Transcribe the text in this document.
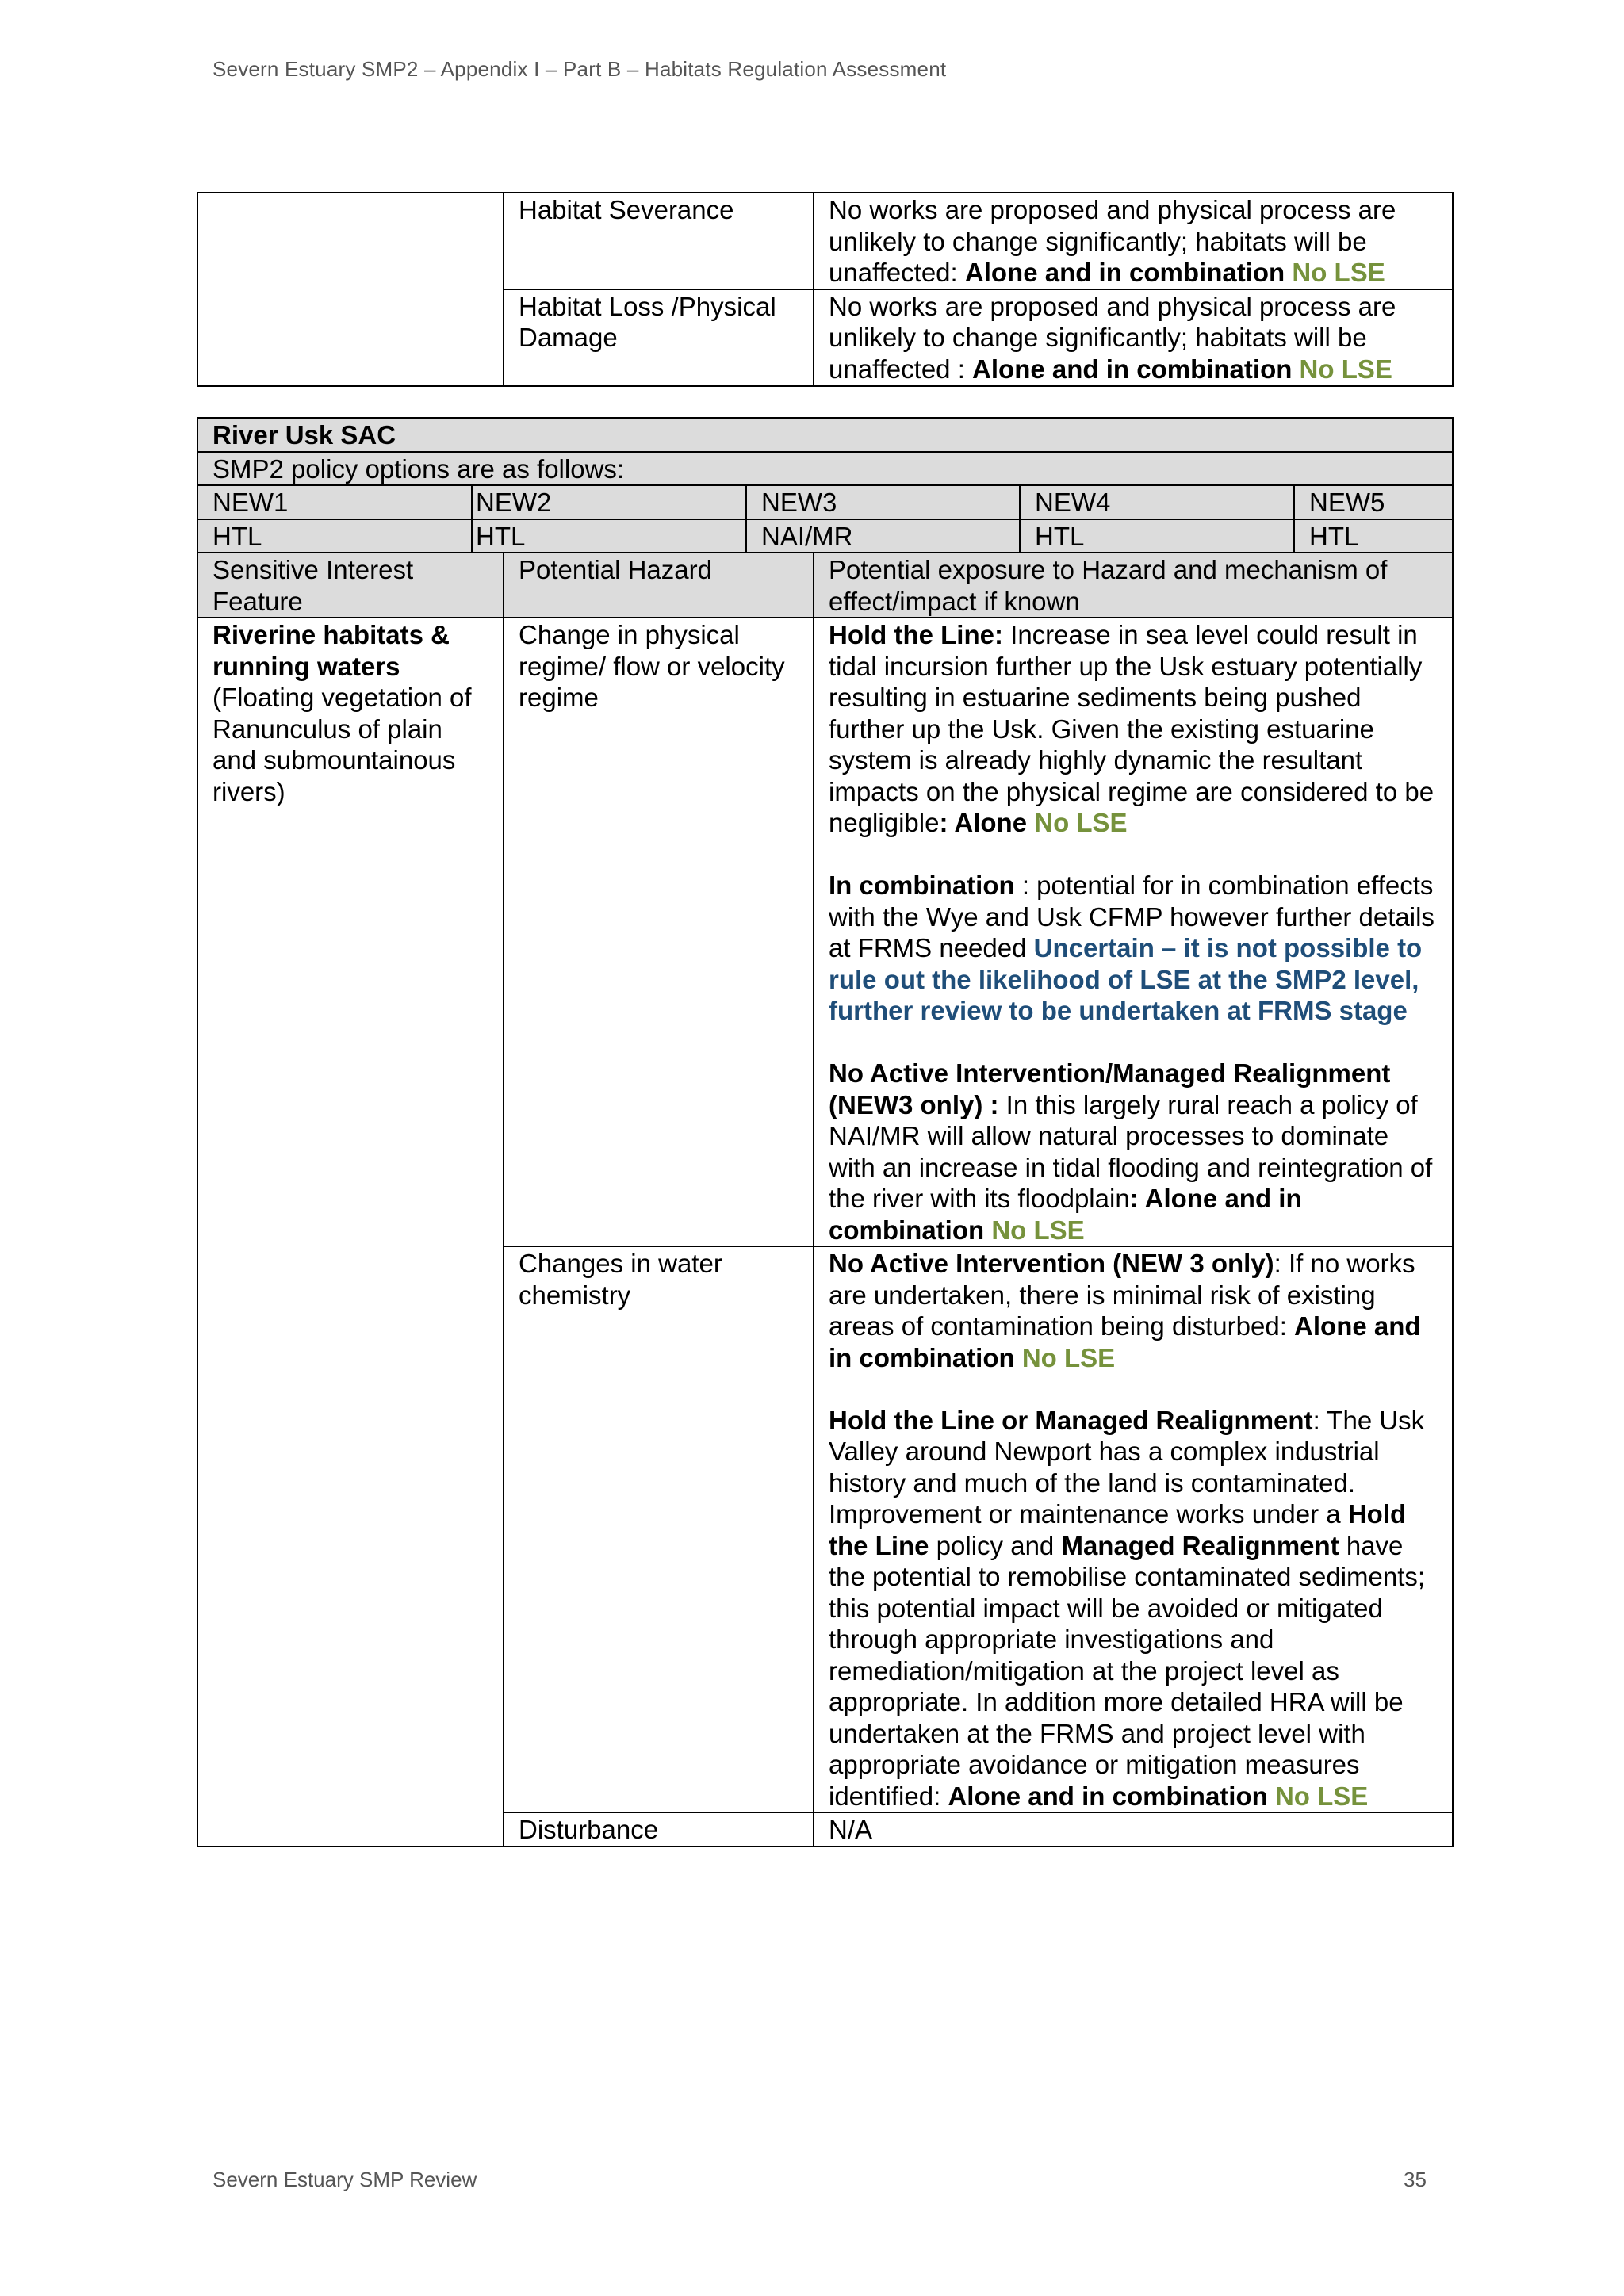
Severn Estuary SMP2 – Appendix I – Part B – Habitats Regulation Assessment
	Habitat Severance	No works are proposed and physical process are unlikely to change significantly; habitats will be unaffected: Alone and in combination No LSE
	Habitat Loss /Physical Damage	No works are proposed and physical process are unlikely to change significantly; habitats will be unaffected : Alone and in combination No LSE
River Usk SAC						
SMP2 policy options are as follows:						
NEW1	NEW2		NEW3		NEW4	NEW5
HTL	HTL		NAI/MR		HTL	HTL
Sensitive Interest Feature		Potential Hazard		Potential exposure to Hazard and mechanism of effect/impact if known		
Riverine habitats & running waters
(Floating vegetation of Ranunculus of plain and submountainous rivers)		Change in physical regime/ flow or velocity regime		Hold the Line: Increase in sea level could result in tidal incursion further up the Usk estuary potentially resulting in estuarine sediments being pushed further up the Usk. Given the existing estuarine system is already highly dynamic the resultant impacts on the physical regime are considered to be negligible: Alone No LSE
In combination : potential for in combination effects with the Wye and Usk CFMP however further details at FRMS needed Uncertain – it is not possible to rule out the likelihood of LSE at the SMP2 level, further review to be undertaken at FRMS stage
No Active Intervention/Managed Realignment (NEW3 only) : In this largely rural reach a policy of NAI/MR will allow natural processes to dominate with an increase in tidal flooding and reintegration of the river with its floodplain: Alone and in combination No LSE		

		Changes in water chemistry		No Active Intervention (NEW 3 only): If no works are undertaken, there is minimal risk of existing areas of contamination being disturbed: Alone and in combination No LSE
Hold the Line or Managed Realignment: The Usk Valley around Newport has a complex industrial history and much of the land is contaminated. Improvement or maintenance works under a Hold the Line policy and Managed Realignment have the potential to remobilise contaminated sediments; this potential impact will be avoided or mitigated through appropriate investigations and remediation/mitigation at the project level as appropriate. In addition more detailed HRA will be undertaken at the FRMS and project level with appropriate avoidance or mitigation measures identified: Alone and in combination No LSE		

		Disturbance		N/A		
Severn Estuary SMP Review	35
